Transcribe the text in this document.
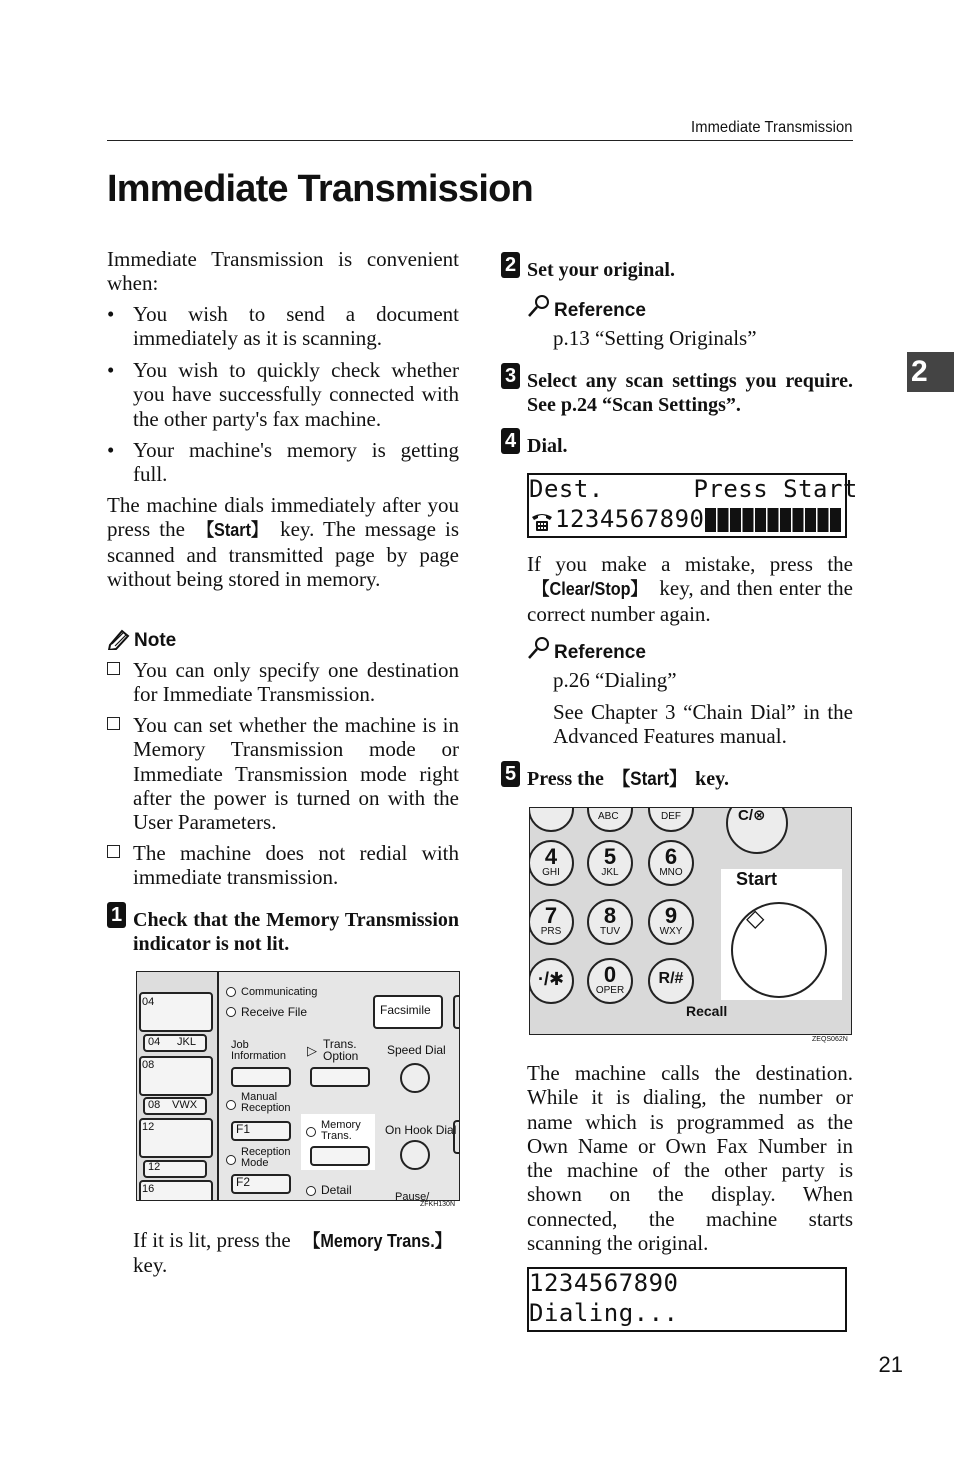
Immediate Transmission
Immediate Transmission
2
Immediate Transmission is convenient when:
• You wish to send a document immediately as it is scanning.
• You wish to quickly check whether you have successfully connected with the other party's fax machine.
• Your machine's memory is getting full.
The machine dials immediately after you press the 【Start】 key. The message is scanned and transmitted page by page without being stored in memory.
Note
You can only specify one destination for Immediate Transmission.
You can set whether the machine is in Memory Transmission mode or Immediate Transmission mode right after the power is turned on with the User Parameters.
The machine does not redial with immediate transmission.
1 Check that the Memory Transmission indicator is not lit.
04
04 JKL
08
08 VWX
12
12
16
Communicating
Receive File	Facsimile
Job
Information ▷ Trans.
Option Speed Dial
Manual
Reception
F1	Memory
Trans.	On Hook Dial
Reception
Mode
F2
Detail	Pause/
ZFKH130N
If it is lit, press the 【Memory Trans.】 key.
2 Set your original.
Reference
p.13 “Setting Originals”
3 Select any scan settings you require. See p.24 “Scan Settings”.
4 Dial.
Dest.      Press Start
1234567890
If you make a mistake, press the 【Clear/Stop】 key, and then enter the correct number again.
Reference
p.26 “Dialing”
See Chapter 3 “Chain Dial” in the Advanced Features manual.
5 Press the 【Start】 key.
ABC	DEF	C/⊗
4
GHI
5
JKL
6
MNO
7
PRS
8
TUV
9
WXY
·/✱	0
OPER
R/#
Recall
Start
◇
ZEQS062N
The machine calls the destination. While it is dialing, the number or name which is programmed as the Own Name or Own Fax Number in the machine of the other party is shown on the display. When connected, the machine starts scanning the original.
1234567890
Dialing...
21
